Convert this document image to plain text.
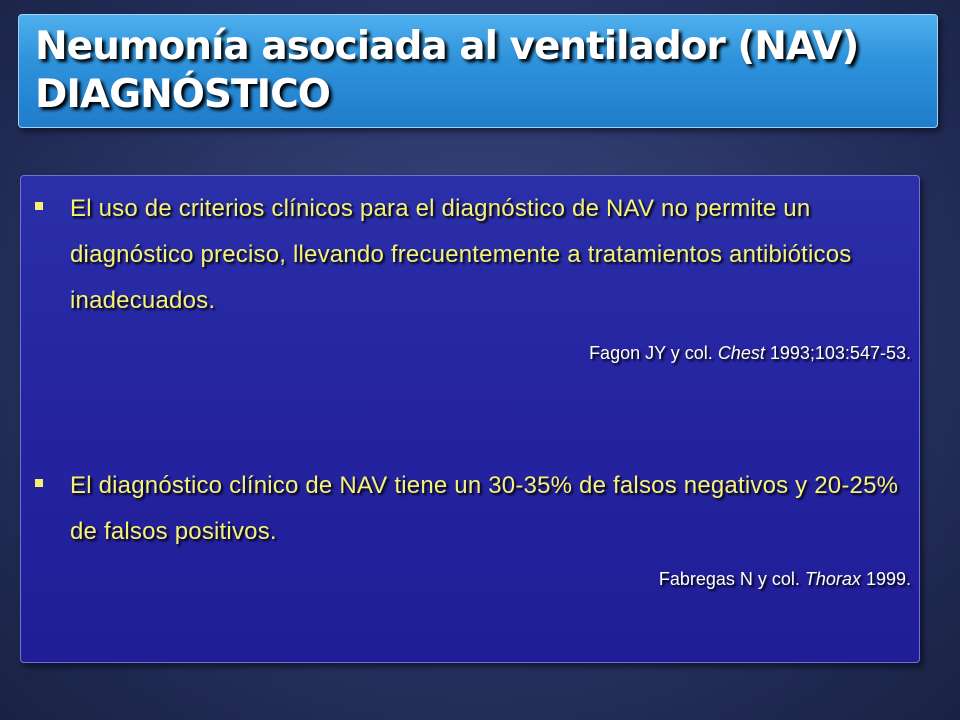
Neumonía asociada al ventilador (NAV)
DIAGNÓSTICO
El uso de criterios clínicos para el diagnóstico de NAV no permite un diagnóstico preciso, llevando frecuentemente a tratamientos antibióticos inadecuados.
Fagon JY y col. Chest 1993;103:547-53.
El diagnóstico clínico de NAV tiene un 30-35% de falsos negativos y 20-25% de falsos positivos.
Fabregas N y col. Thorax 1999.
